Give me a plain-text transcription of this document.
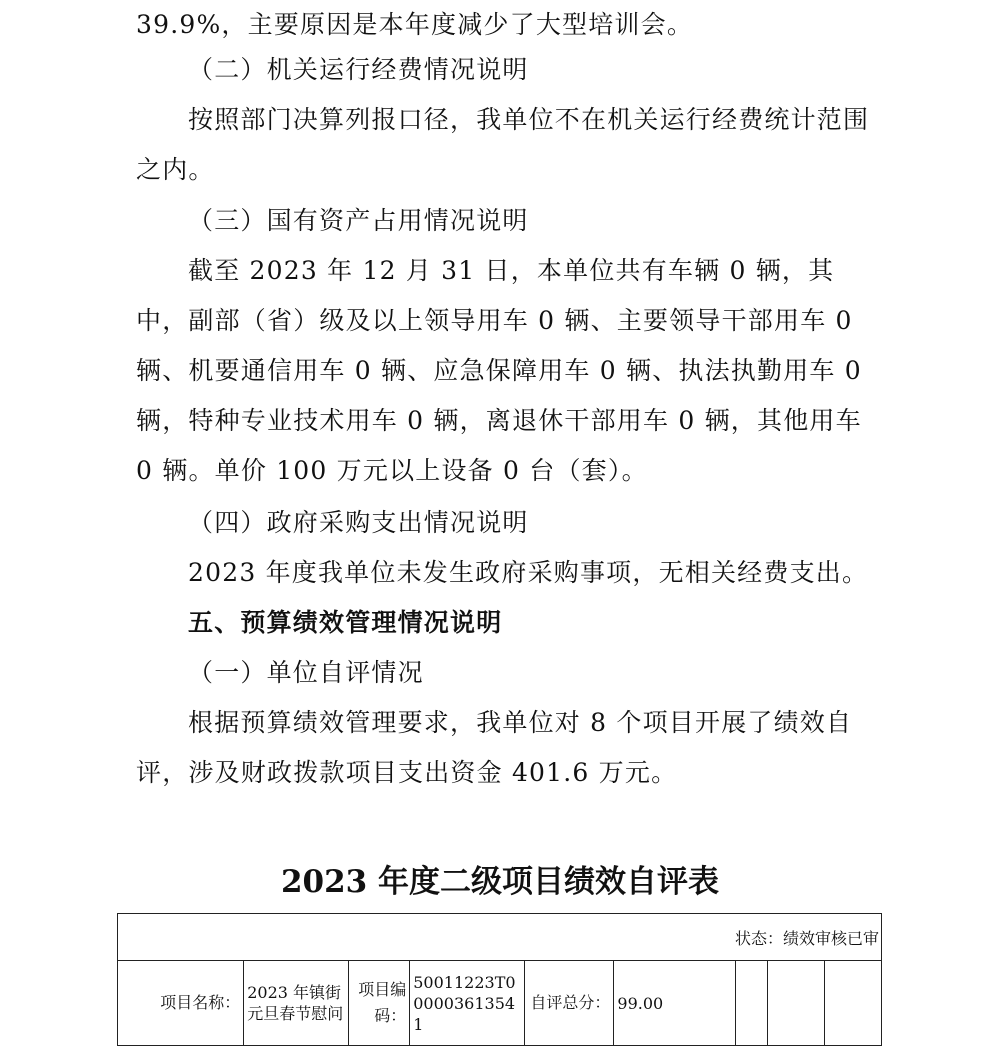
39.9%，主要原因是本年度减少了大型培训会。

（二）机关运行经费情况说明

按照部门决算列报口径，我单位不在机关运行经费统计范围之内。

（三）国有资产占用情况说明

截至 2023 年 12 月 31 日，本单位共有车辆 0 辆，其中，副部（省）级及以上领导用车 0 辆、主要领导干部用车 0 辆、机要通信用车 0 辆、应急保障用车 0 辆、执法执勤用车 0 辆，特种专业技术用车 0 辆，离退休干部用车 0 辆，其他用车 0 辆。单价 100 万元以上设备 0 台（套）。

（四）政府采购支出情况说明

2023 年度我单位未发生政府采购事项，无相关经费支出。

五、预算绩效管理情况说明

（一）单位自评情况

根据预算绩效管理要求，我单位对 8 个项目开展了绩效自评，涉及财政拨款项目支出资金 401.6 万元。

2023 年度二级项目绩效自评表
状态：绩效审核已审
项目名称：	2023 年镇街元旦春节慰问	项目编码：	50011223T000003613541	自评总分：	99.00			
